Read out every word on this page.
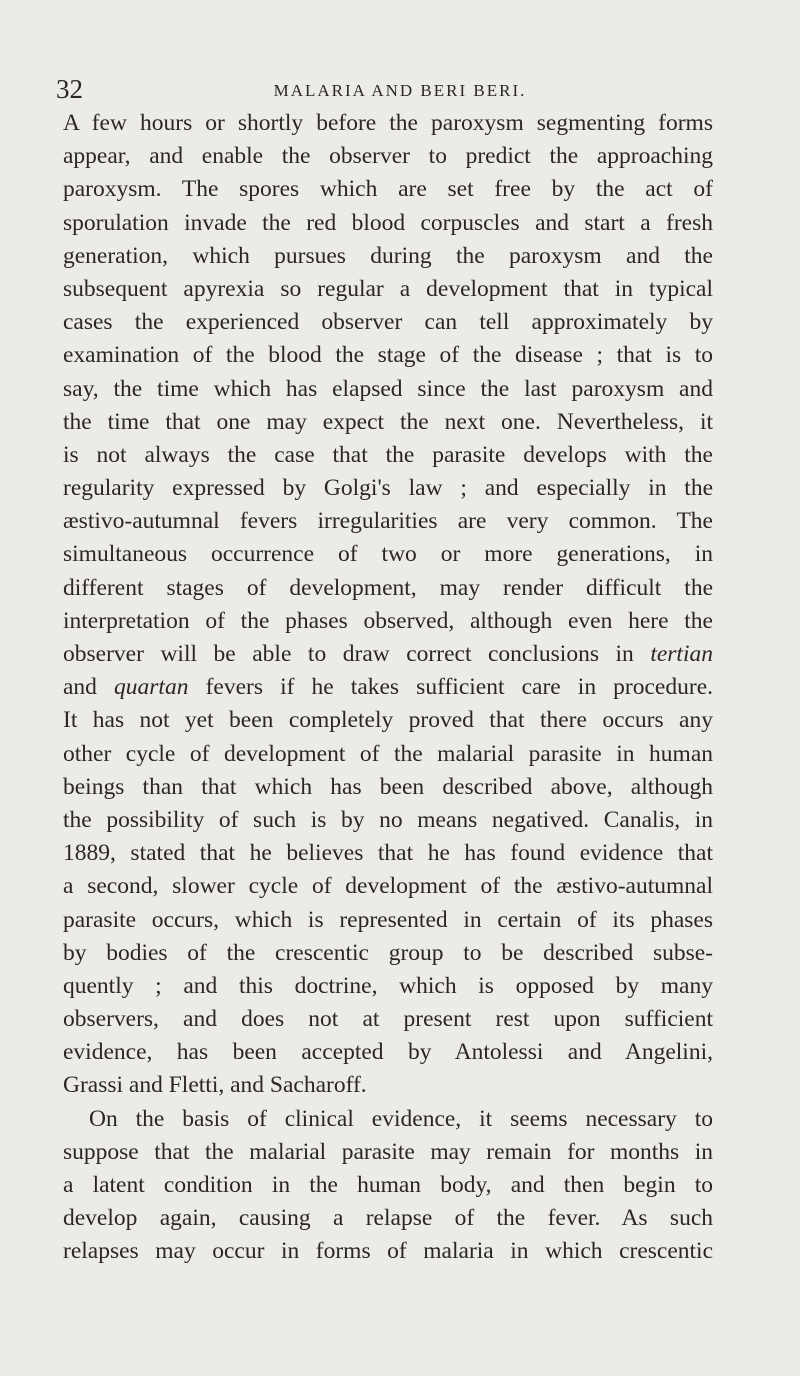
32	MALARIA AND BERI BERI.
A few hours or shortly before the paroxysm segmenting forms
appear, and enable the observer to predict the approaching
paroxysm. The spores which are set free by the act of
sporulation invade the red blood corpuscles and start a fresh
generation, which pursues during the paroxysm and the
subsequent apyrexia so regular a development that in typical
cases the experienced observer can tell approximately by
examination of the blood the stage of the disease ; that is to
say, the time which has elapsed since the last paroxysm and
the time that one may expect the next one. Nevertheless, it
is not always the case that the parasite develops with the
regularity expressed by Golgi's law ; and especially in the
æstivo-autumnal fevers irregularities are very common. The
simultaneous occurrence of two or more generations, in
different stages of development, may render difficult the
interpretation of the phases observed, although even here the
observer will be able to draw correct conclusions in tertian
and quartan fevers if he takes sufficient care in procedure.
It has not yet been completely proved that there occurs any
other cycle of development of the malarial parasite in human
beings than that which has been described above, although
the possibility of such is by no means negatived. Canalis, in
1889, stated that he believes that he has found evidence that
a second, slower cycle of development of the æstivo-autumnal
parasite occurs, which is represented in certain of its phases
by bodies of the crescentic group to be described subse-
quently ; and this doctrine, which is opposed by many
observers, and does not at present rest upon sufficient
evidence, has been accepted by Antolessi and Angelini,
Grassi and Fletti, and Sacharoff.
On the basis of clinical evidence, it seems necessary to
suppose that the malarial parasite may remain for months in
a latent condition in the human body, and then begin to
develop again, causing a relapse of the fever. As such
relapses may occur in forms of malaria in which crescentic
